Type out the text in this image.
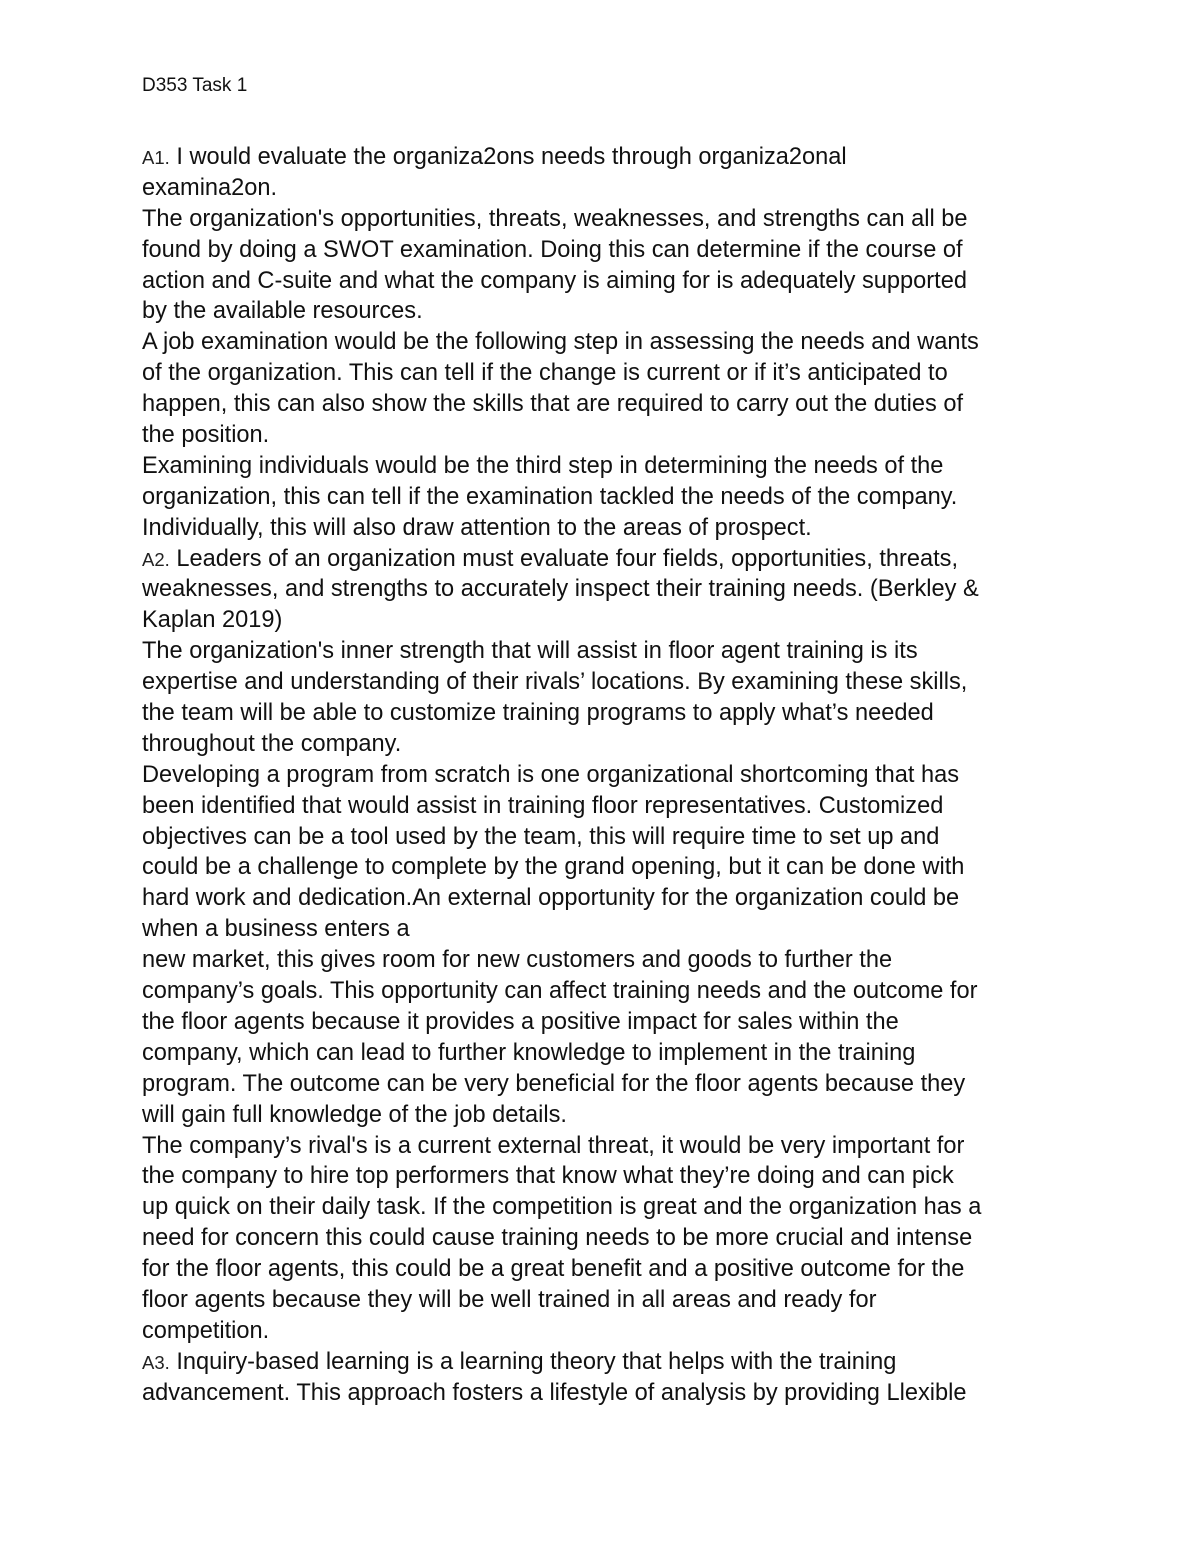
D353 Task 1
A1. I would evaluate the organiza2ons needs through organiza2onal
examina2on.
The organization's opportunities, threats, weaknesses, and strengths can all be
found by doing a SWOT examination. Doing this can determine if the course of
action and C-suite and what the company is aiming for is adequately supported
by the available resources.
A job examination would be the following step in assessing the needs and wants
of the organization. This can tell if the change is current or if it’s anticipated to
happen, this can also show the skills that are required to carry out the duties of
the position.
Examining individuals would be the third step in determining the needs of the
organization, this can tell if the examination tackled the needs of the company.
Individually, this will also draw attention to the areas of prospect.
A2. Leaders of an organization must evaluate four fields, opportunities, threats,
weaknesses, and strengths to accurately inspect their training needs. (Berkley &
Kaplan 2019)
The organization's inner strength that will assist in floor agent training is its
expertise and understanding of their rivals’ locations. By examining these skills,
the team will be able to customize training programs to apply what’s needed
throughout the company.
Developing a program from scratch is one organizational shortcoming that has
been identified that would assist in training floor representatives. Customized
objectives can be a tool used by the team, this will require time to set up and
could be a challenge to complete by the grand opening, but it can be done with
hard work and dedication.An external opportunity for the organization could be
when a business enters a
new market, this gives room for new customers and goods to further the
company’s goals. This opportunity can affect training needs and the outcome for
the floor agents because it provides a positive impact for sales within the
company, which can lead to further knowledge to implement in the training
program. The outcome can be very beneficial for the floor agents because they
will gain full knowledge of the job details.
The company’s rival's is a current external threat, it would be very important for
the company to hire top performers that know what they’re doing and can pick
up quick on their daily task. If the competition is great and the organization has a
need for concern this could cause training needs to be more crucial and intense
for the floor agents, this could be a great benefit and a positive outcome for the
floor agents because they will be well trained in all areas and ready for
competition.
A3. Inquiry-based learning is a learning theory that helps with the training
advancement. This approach fosters a lifestyle of analysis by providing Llexible
